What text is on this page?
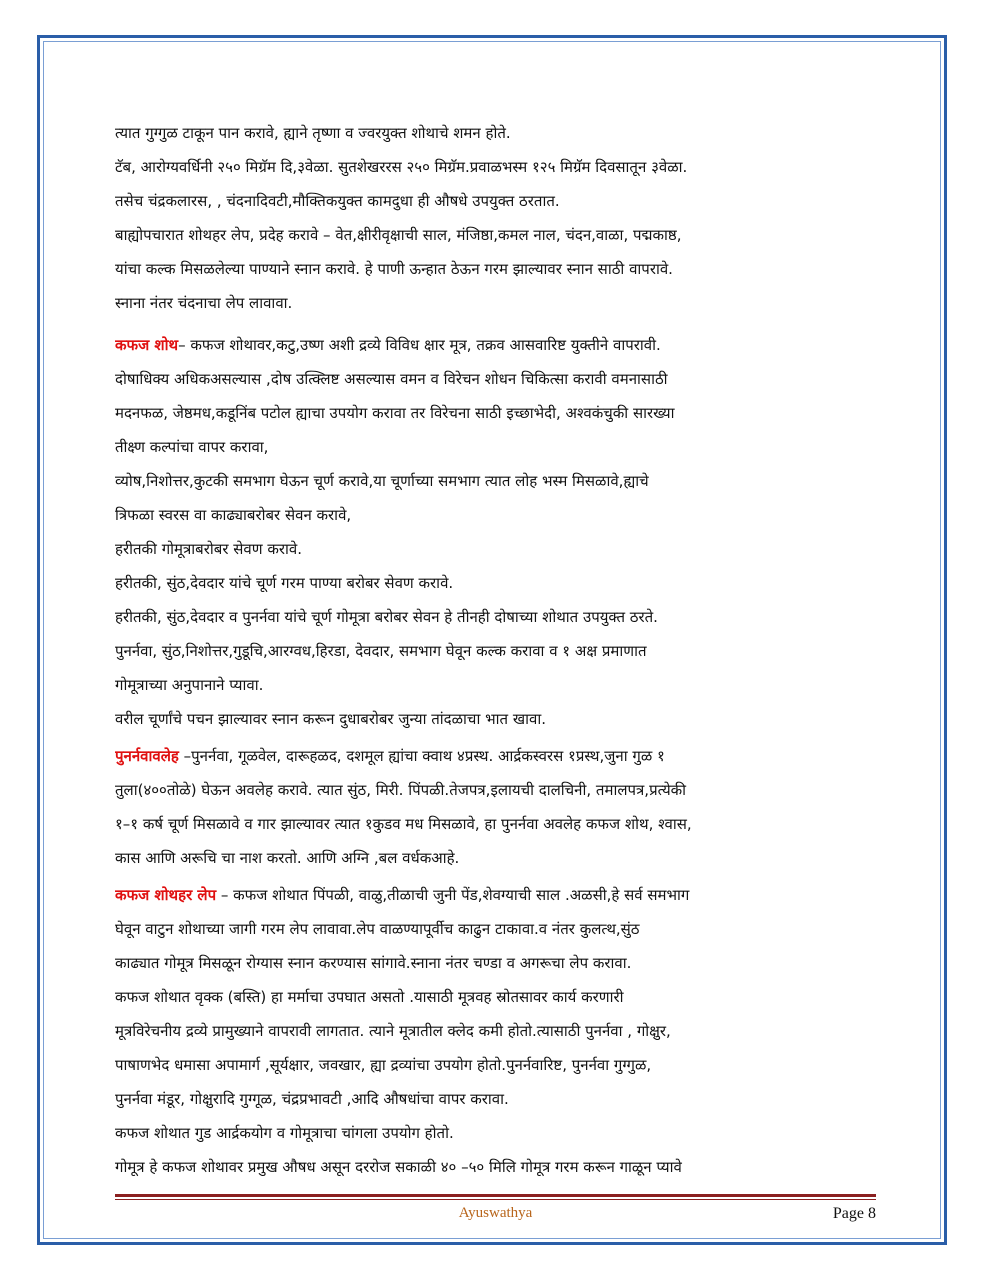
त्यात गुग्गुळ टाकून पान करावे, ह्याने तृष्णा व ज्वरयुक्त शोथाचे शमन होते.
टॅब, आरोग्यवर्धिनी २५० मिग्रॅम दि,३वेळा. सुतशेखररस २५० मिग्रॅम.प्रवाळभस्म १२५ मिग्रॅम दिवसातून ३वेळा.
तसेच चंद्रकलारस, , चंदनादिवटी,मौक्तिकयुक्त कामदुधा ही औषधे उपयुक्त ठरतात.
बाह्योपचारात शोथहर लेप, प्रदेह करावे – वेत,क्षीरीवृक्षाची साल, मंजिष्ठा,कमल नाल, चंदन,वाळा, पद्मकाष्ठ,
यांचा कल्क मिसळलेल्या पाण्याने स्नान करावे. हे पाणी ऊन्हात ठेऊन गरम झाल्यावर स्नान साठी वापरावे.
स्नाना नंतर चंदनाचा लेप लावावा.
कफज शोथ– कफज शोथावर,कटु,उष्ण अशी द्रव्ये विविध क्षार मूत्र, तक्रव आसवारिष्ट युक्तीने वापरावी.
दोषाधिक्य अधिकअसल्यास ,दोष उत्क्लिष्ट असल्यास वमन व विरेचन शोधन चिकित्सा करावी वमनासाठी
मदनफळ, जेष्ठमध,कडूनिंब पटोल ह्याचा उपयोग करावा तर विरेचना साठी इच्छाभेदी, अश्वकंचुकी सारख्या
तीक्ष्ण कल्पांचा वापर करावा,
व्योष,निशोत्तर,कुटकी समभाग घेऊन चूर्ण करावे,या चूर्णाच्या समभाग त्यात लोह भस्म मिसळावे,ह्याचे
त्रिफळा स्वरस वा काढ्याबरोबर सेवन करावे,
हरीतकी गोमूत्राबरोबर सेवण करावे.
हरीतकी, सुंठ,देवदार यांचे चूर्ण गरम पाण्या बरोबर सेवण करावे.
हरीतकी, सुंठ,देवदार व पुनर्नवा यांचे चूर्ण गोमूत्रा बरोबर सेवन हे तीनही दोषाच्या शोथात उपयुक्त ठरते.
पुनर्नवा, सुंठ,निशोत्तर,गुडूचि,आरग्वध,हिरडा, देवदार, समभाग घेवून कल्क करावा व १ अक्ष प्रमाणात
गोमूत्राच्या अनुपानाने प्यावा.
वरील चूर्णांचे पचन झाल्यावर स्नान करून दुधाबरोबर जुन्या तांदळाचा भात खावा.
पुनर्नवावलेह –पुनर्नवा, गूळवेल, दारूहळद, दशमूल ह्यांचा क्वाथ ४प्रस्थ. आर्द्रकस्वरस १प्रस्थ,जुना गुळ १
तुला(४००तोळे) घेऊन अवलेह करावे. त्यात सुंठ, मिरी. पिंपळी.तेजपत्र,इलायची दालचिनी, तमालपत्र,प्रत्येकी
१–१ कर्ष चूर्ण मिसळावे व गार झाल्यावर त्यात १कुडव मध मिसळावे, हा पुनर्नवा अवलेह कफज शोथ, श्वास,
कास आणि अरूचि चा नाश करतो. आणि अग्नि ,बल वर्धकआहे.
कफज शोथहर लेप – कफज शोथात पिंपळी, वाळु,तीळाची जुनी पेंड,शेवग्याची साल .अळसी,हे सर्व समभाग
घेवून वाटुन शोथाच्या जागी गरम लेप लावावा.लेप वाळण्यापूर्वीच काढुन टाकावा.व नंतर कुलत्थ,सुंठ
काढ्यात गोमूत्र मिसळून रोग्यास स्नान करण्यास सांगावे.स्नाना नंतर चण्डा व अगरूचा लेप करावा.
कफज शोथात वृक्क (बस्ति) हा मर्माचा उपघात असतो .यासाठी मूत्रवह स्रोतसावर कार्य करणारी
मूत्रविरेचनीय द्रव्ये प्रामुख्याने वापरावी लागतात. त्याने मूत्रातील क्लेद कमी होतो.त्यासाठी पुनर्नवा , गोक्षुर,
पाषाणभेद धमासा अपामार्ग ,सूर्यक्षार, जवखार, ह्या द्रव्यांचा उपयोग होतो.पुनर्नवारिष्ट, पुनर्नवा गुग्गुळ,
पुनर्नवा मंडूर, गोक्षुरादि गुग्गूळ, चंद्रप्रभावटी ,आदि औषधांचा वापर करावा.
कफज शोथात गुड आर्द्रकयोग व गोमूत्राचा चांगला उपयोग होतो.
गोमूत्र हे कफज शोथावर प्रमुख औषध असून दररोज सकाळी ४० –५० मिलि गोमूत्र गरम करून गाळून प्यावे
Ayuswathya	Page 8
